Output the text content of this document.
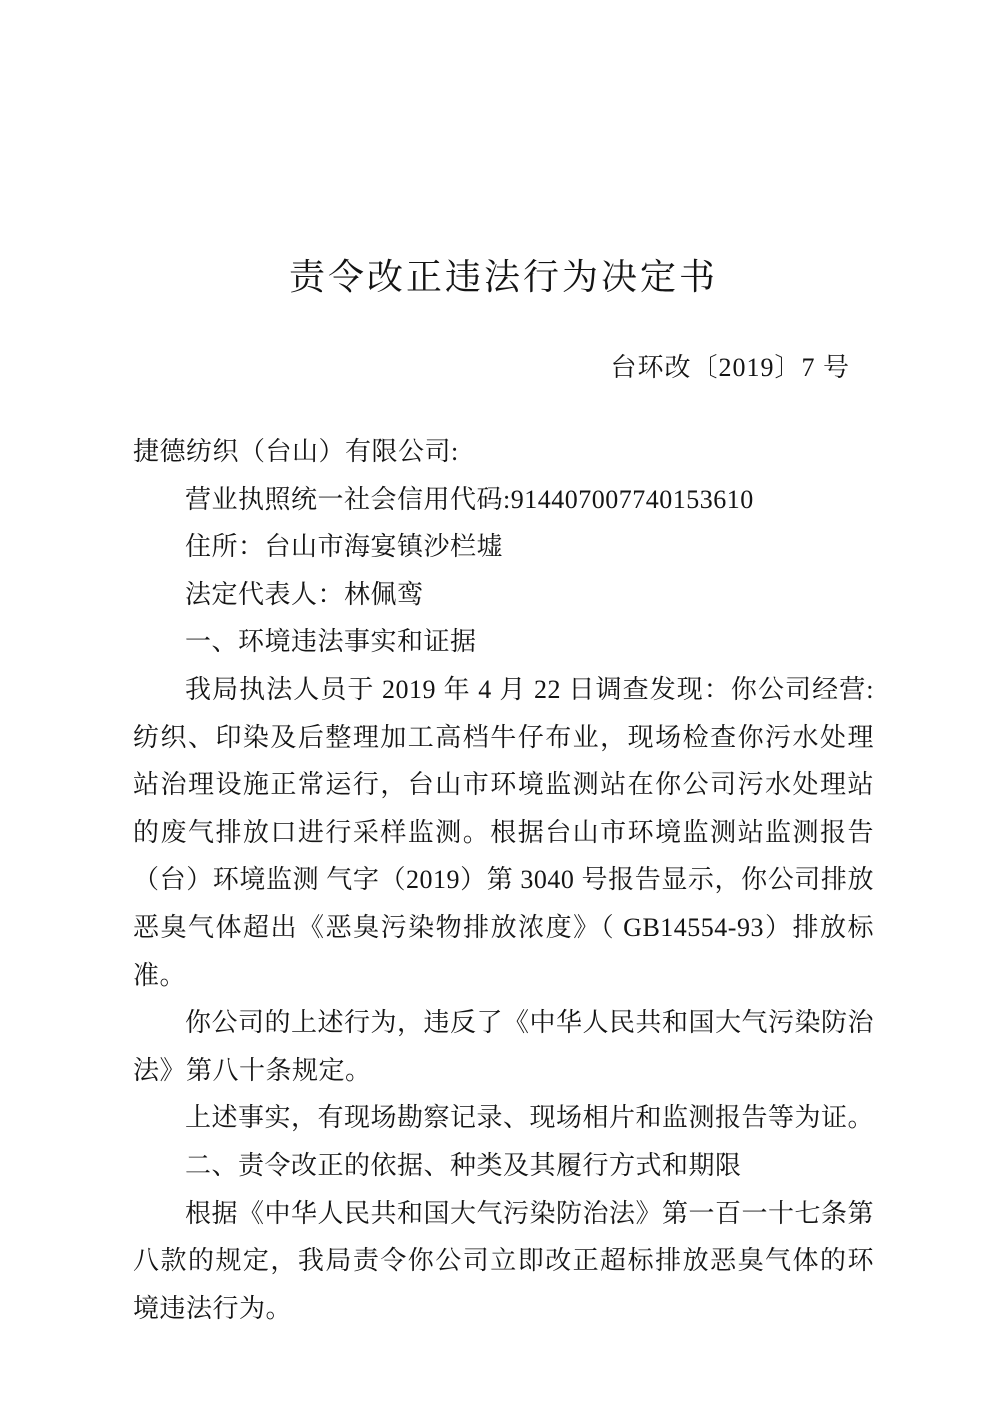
责令改正违法行为决定书
台环改〔2019〕7 号

捷德纺织（台山）有限公司:

营业执照统一社会信用代码:914407007740153610

住所：台山市海宴镇沙栏墟

法定代表人：林佩鸾

一、环境违法事实和证据

我局执法人员于 2019 年 4 月 22 日调查发现：你公司经营:纺织、印染及后整理加工高档牛仔布业，现场检查你污水处理站治理设施正常运行，台山市环境监测站在你公司污水处理站的废气排放口进行采样监测。根据台山市环境监测站监测报告（台）环境监测 气字（2019）第 3040 号报告显示，你公司排放恶臭气体超出《恶臭污染物排放浓度》（ GB14554-93）排放标准。

你公司的上述行为，违反了《中华人民共和国大气污染防治法》第八十条规定。

上述事实，有现场勘察记录、现场相片和监测报告等为证。

二、责令改正的依据、种类及其履行方式和期限

根据《中华人民共和国大气污染防治法》第一百一十七条第八款的规定，我局责令你公司立即改正超标排放恶臭气体的环境违法行为。
